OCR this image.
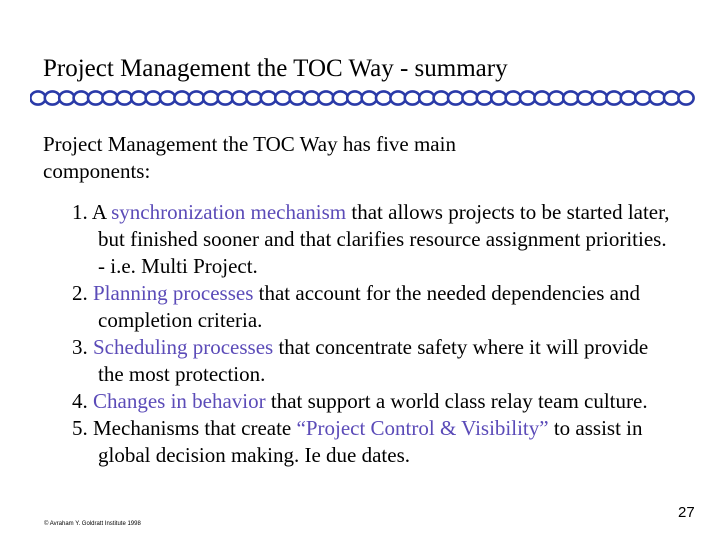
Project Management the TOC Way - summary
Project Management the TOC Way has five main components:
1. A synchronization mechanism that allows projects to be started later, but finished sooner and that clarifies resource assignment priorities. - i.e. Multi Project.
2. Planning processes that account for the needed dependencies and completion criteria.
3. Scheduling processes that concentrate safety where it will provide the most protection.
4. Changes in behavior that support a world class relay team culture.
5. Mechanisms that create “Project Control & Visibility” to assist in global decision making. Ie due dates.
© Avraham Y. Goldratt Institute 1998
27
